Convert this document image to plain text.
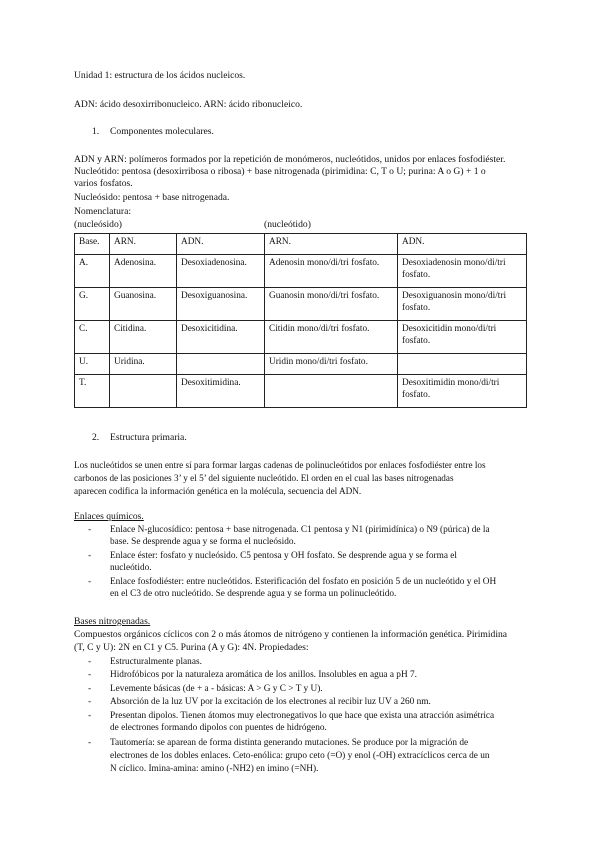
Unidad 1: estructura de los ácidos nucleicos.
ADN: ácido desoxirribonucleico. ARN: ácido ribonucleico.
1. Componentes moleculares.
ADN y ARN: polímeros formados por la repetición de monómeros, nucleótidos, unidos por enlaces fosfodiéster.
Nucleótido: pentosa (desoxirribosa o ribosa) + base nitrogenada (pirimidina: C, T o U; purina: A o G) + 1 o
varios fosfatos.
Nucleósido: pentosa + base nitrogenada.
Nomenclatura:
(nucleósido)	(nucleótido)
Base.	ARN.	ADN.	ARN.	ADN.
A.	Adenosina.	Desoxiadenosina.	Adenosin mono/di/tri fosfato.	Desoxiadenosin mono/di/tri fosfato.
G.	Guanosina.	Desoxiguanosina.	Guanosin mono/di/tri fosfato.	Desoxiguanosin mono/di/tri fosfato.
C.	Citidina.	Desoxicitidina.	Citidin mono/di/tri fosfato.	Desoxicitidin mono/di/tri fosfato.
U.	Uridina.		Uridin mono/di/tri fosfato.	
T.		Desoxitimidina.		Desoxitimidin mono/di/tri fosfato.
2. Estructura primaria.
Los nucleótidos se unen entre sí para formar largas cadenas de polinucleótidos por enlaces fosfodiéster entre los
carbonos de las posiciones 3’ y el 5’ del siguiente nucleótido. El orden en el cual las bases nitrogenadas
aparecen codifica la información genética en la molécula, secuencia del ADN.
Enlaces químicos.
- Enlace N-glucosídico: pentosa + base nitrogenada. C1 pentosa y N1 (pirimidínica) o N9 (púrica) de la
base. Se desprende agua y se forma el nucleósido.
- Enlace éster: fosfato y nucleósido. C5 pentosa y OH fosfato. Se desprende agua y se forma el
nucleótido.
- Enlace fosfodiéster: entre nucleótidos. Esterificación del fosfato en posición 5 de un nucleótido y el OH
en el C3 de otro nucleótido. Se desprende agua y se forma un polinucleótido.
Bases nitrogenadas.
Compuestos orgánicos cíclicos con 2 o más átomos de nitrógeno y contienen la información genética. Pirimidina
(T, C y U): 2N en C1 y C5. Purina (A y G): 4N. Propiedades:
- Estructuralmente planas.
- Hidrofóbicos por la naturaleza aromática de los anillos. Insolubles en agua a pH 7.
- Levemente básicas (de + a - básicas: A > G y C > T y U).
- Absorción de la luz UV por la excitación de los electrones al recibir luz UV a 260 nm.
- Presentan dipolos. Tienen átomos muy electronegativos lo que hace que exista una atracción asimétrica
de electrones formando dipolos con puentes de hidrógeno.
- Tautomería: se aparean de forma distinta generando mutaciones. Se produce por la migración de
electrones de los dobles enlaces. Ceto-enólica: grupo ceto (=O) y enol (-OH) extracíclicos cerca de un
N cíclico. Imina-amina: amino (-NH2) en imino (=NH).
